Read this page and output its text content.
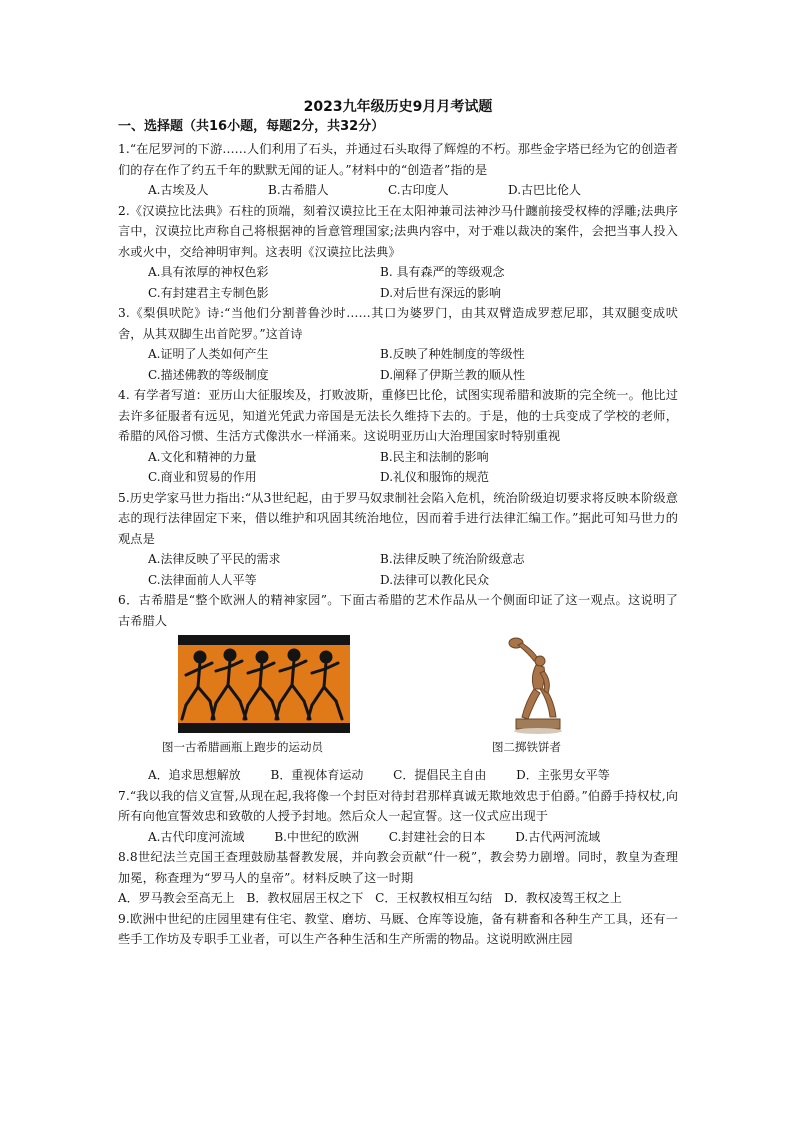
2023九年级历史9月月考试题
一、选择题（共16小题，每题2分，共32分）

1.“在尼罗河的下游……人们利用了石头，并通过石头取得了辉煌的不朽。那些金字塔已经为它的创造者们的存在作了约五千年的默默无闻的证人。”材料中的“创造者”指的是

A.古埃及人	B.古希腊人	C.古印度人	D.古巴比伦人

2.《汉谟拉比法典》石柱的顶端，刻着汉谟拉比王在太阳神兼司法神沙马什躔前接受权棒的浮雕;法典序言中，汉谟拉比声称自己将根据神的旨意管理国家;法典内容中，对于难以裁决的案件，会把当事人投入水或火中，交给神明审判。这表明《汉谟拉比法典》

A.具有浓厚的神权色彩	B. 具有森严的等级观念
C.有封建君主专制色影	D.对后世有深远的影响

3.《梨俱吠陀》诗:“当他们分割普鲁沙时……其口为婆罗门，由其双臂造成罗惹尼耶，其双腿变成吠舍，从其双脚生出首陀罗。”这首诗

A.证明了人类如何产生	B.反映了种姓制度的等级性
C.描述佛教的等级制度	D.阐释了伊斯兰教的顺从性

4. 有学者写道：亚历山大征服埃及，打败波斯，重修巴比伦，试图实现希腊和波斯的完全统一。他比过去许多征服者有远见，知道光凭武力帝国是无法长久维持下去的。于是，他的士兵变成了学校的老师，希腊的风俗习惯、生活方式像洪水一样涌来。这说明亚历山大治理国家时特别重视

A.文化和精神的力量	B.民主和法制的影响
C.商业和贸易的作用	D.礼仪和服饰的规范

5.历史学家马世力指出:“从3世纪起，由于罗马奴隶制社会陷入危机，统治阶级迫切要求将反映本阶级意志的现行法律固定下来，借以维护和巩固其统治地位，因而着手进行法律汇编工作。”据此可知马世力的观点是

A.法律反映了平民的需求	B.法律反映了统治阶级意志
C.法律面前人人平等	D.法律可以教化民众

6．古希腊是“整个欧洲人的精神家园”。下面古希腊的艺术作品从一个侧面印证了这一观点。这说明了古希腊人

图一古希腊画瓶上跑步的运动员	图二掷铁饼者
A．追求思想解放 B．重视体育运动 C．提倡民主自由 D．主张男女平等

7.“我以我的信义宣誓,从现在起,我将像一个封臣对待封君那样真诚无欺地效忠于伯爵。”伯爵手持权杖,向所有向他宣誓效忠和致敬的人授予封地。然后众人一起宣誓。这一仪式应出现于

A.古代印度河流域 B.中世纪的欧洲 C.封建社会的日本 D.古代两河流域

8.8世纪法兰克国王查理鼓励基督教发展，并向教会贡献“什一税”，教会势力剧增。同时，教皇为查理加冕，称查理为“罗马人的皇帝”。材料反映了这一时期

A．罗马教会至高无上 B．教权屈居王权之下 C．王权教权相互勾结 D．教权凌驾王权之上

9.欧洲中世纪的庄园里建有住宅、教堂、磨坊、马厩、仓库等设施，备有耕畜和各种生产工具，还有一些手工作坊及专职手工业者，可以生产各种生活和生产所需的物品。这说明欧洲庄园
